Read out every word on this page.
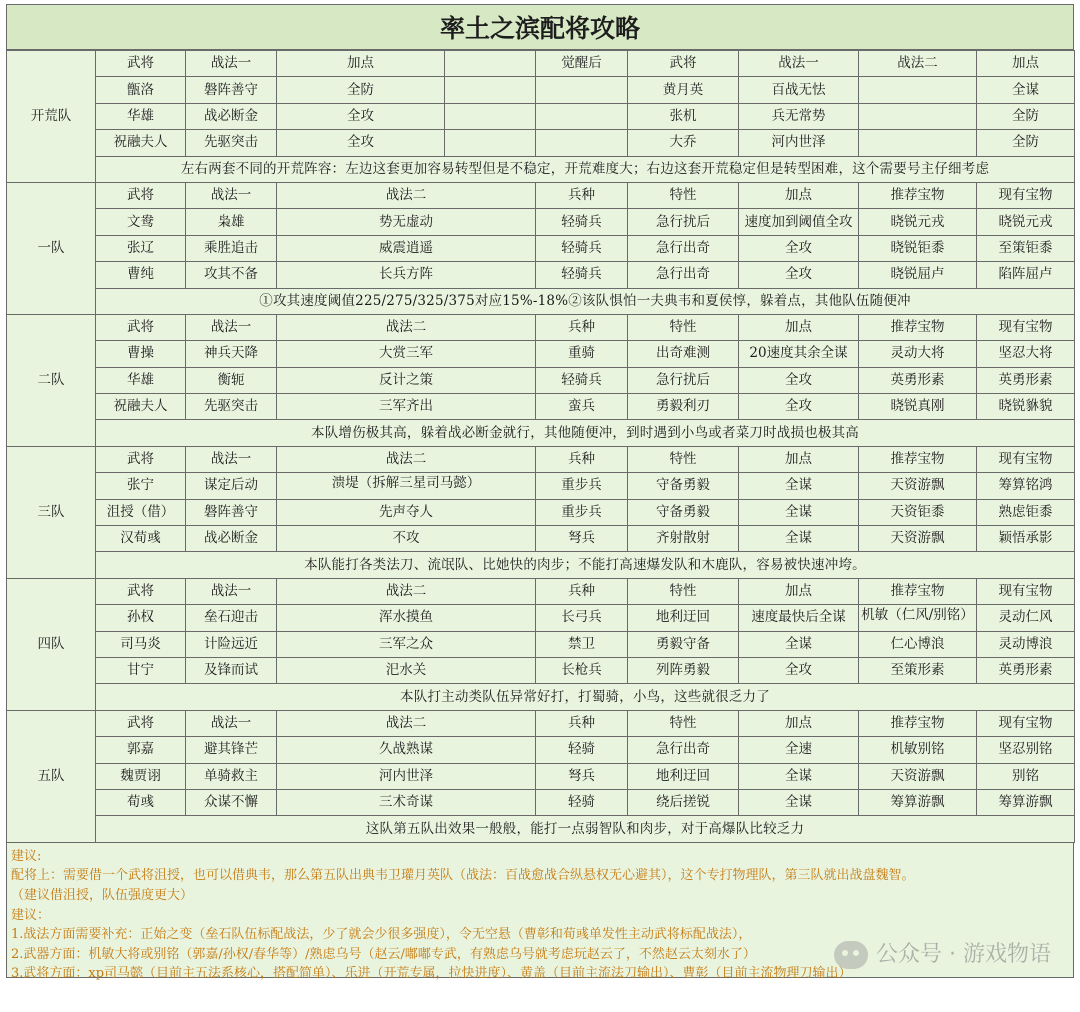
率土之滨配将攻略
开荒队	武将	战法一	加点		觉醒后	武将	战法一	战法二	加点	

	甑洛	磐阵善守	全防			黄月英	百战无怯		全谋	

	华雄	战必断金	全攻			张机	兵无常势		全防	

	祝融夫人	先驱突击	全攻			大乔	河内世泽		全防	

	左右两套不同的开荒阵容：左边这套更加容易转型但是不稳定，开荒难度大；右边这套开荒稳定但是转型困难，这个需要号主仔细考虑									

一队	武将	战法一	战法二		兵种	特性	加点	推荐宝物	现有宝物

	文鸯	枭雄	势无虚动		轻骑兵	急行扰后	速度加到阈值全攻	晓锐元戎	晓锐元戎

	张辽	乘胜追击	威震逍遥		轻骑兵	急行出奇	全攻	晓锐钜黍	至策钜黍

	曹纯	攻其不备	长兵方阵		轻骑兵	急行出奇	全攻	晓锐屈卢	陷阵屈卢

	①攻其速度阈值225/275/325/375对应15%-18%②该队惧怕一夫典韦和夏侯惇，躲着点，其他队伍随便冲									

二队	武将	战法一	战法二		兵种	特性	加点	推荐宝物	现有宝物

	曹操	神兵天降	大赏三军		重骑	出奇难测	20速度其余全谋	灵动大将	坚忍大将

	华雄	衡轭	反计之策		轻骑兵	急行扰后	全攻	英勇形素	英勇形素

	祝融夫人	先驱突击	三军齐出		蛮兵	勇毅利刃	全攻	晓锐真刚	晓锐貅貌

	本队增伤极其高，躲着战必断金就行，其他随便冲，到时遇到小鸟或者菜刀时战损也极其高									

三队	武将	战法一	战法二		兵种	特性	加点	推荐宝物	现有宝物

	张宁	谋定后动	溃堤（拆解三星司马懿）		重步兵	守备勇毅	全谋	天资游飘	筹算铭鸿

	沮授（借）	磐阵善守	先声夺人		重步兵	守备勇毅	全谋	天资钜黍	熟虑钜黍

	汉荀彧	战必断金	不攻		弩兵	齐射散射	全谋	天资游飘	颖悟承影

	本队能打各类法刀、流氓队、比她快的肉步；不能打高速爆发队和木鹿队，容易被快速冲垮。									

四队	武将	战法一	战法二		兵种	特性	加点	推荐宝物	现有宝物

	孙权	垒石迎击	浑水摸鱼		长弓兵	地利迂回	速度最快后全谋	机敏（仁风/别铭）	灵动仁风

	司马炎	计险远近	三军之众		禁卫	勇毅守备	全谋	仁心博浪	灵动博浪

	甘宁	及锋而试	汜水关		长枪兵	列阵勇毅	全攻	至策形素	英勇形素

	本队打主动类队伍异常好打，打蜀骑，小鸟，这些就很乏力了									

五队	武将	战法一	战法二		兵种	特性	加点	推荐宝物	现有宝物

	郭嘉	避其锋芒	久战熟谋		轻骑	急行出奇	全速	机敏别铭	坚忍别铭

	魏贾诩	单骑救主	河内世泽		弩兵	地利迂回	全谋	天资游飘	别铭

	荀彧	众谋不懈	三术奇谋		轻骑	绕后搓锐	全谋	筹算游飘	筹算游飘

	这队第五队出效果一般般，能打一点弱智队和肉步，对于高爆队比较乏力									
建议:
配将上：需要借一个武将沮授，也可以借典韦，那么第五队出典韦卫瓘月英队（战法：百战愈战合纵悬权无心避其），这个专打物理队，第三队就出战盘魏智。
（建议借沮授，队伍强度更大）
建议：
1.战法方面需要补充：正始之变（垒石队伍标配战法，少了就会少很多强度），令无空悬（曹彰和荀彧单发性主动武将标配战法），
2.武器方面：机敏大将或别铭（郭嘉/孙权/春华等）/熟虑乌号（赵云/嘟嘟专武，有熟虑乌号就考虑玩赵云了，不然赵云太刻水了）
3.武将方面：xp司马懿（目前主五法系核心，搭配简单）、乐进（开荒专属，拉快进度）、黄盖（目前主流法刀输出）、曹彰（目前主流物理刀输出）
公众号 · 游戏物语
